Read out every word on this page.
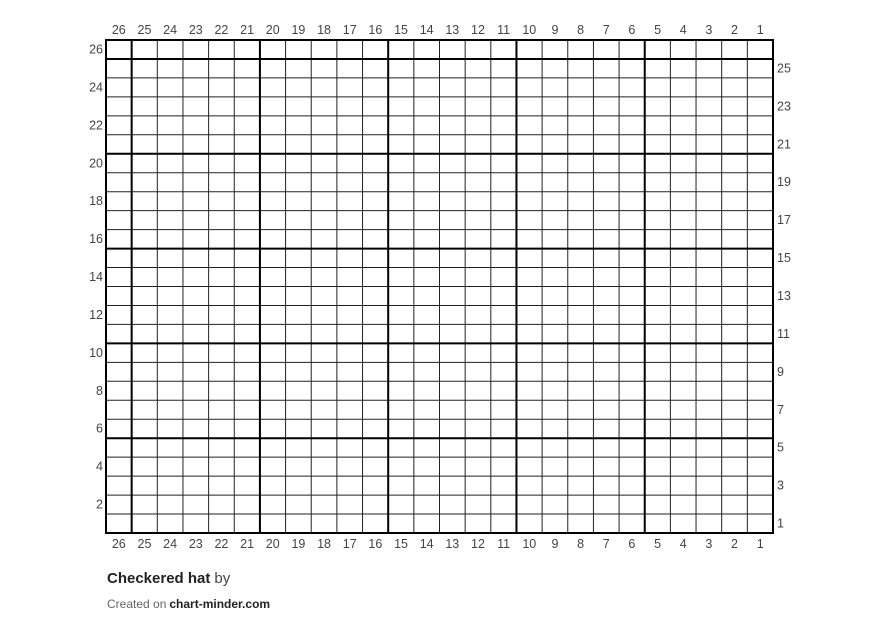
26
26
25
25
24
24
23
23
22
22
21
21
20
20
19
19
18
18
17
17
16
16
15
15
14
14
13
13
12
12
11
11
10
10
9
9
8
8
7
7
6
6
5
5
4
4
3
3
2
2
1
1
1
2
3
4
5
6
7
8
9
10
11
12
13
14
15
16
17
18
19
20
21
22
23
24
25
26
Checkered hat by
Created on chart-minder.com
